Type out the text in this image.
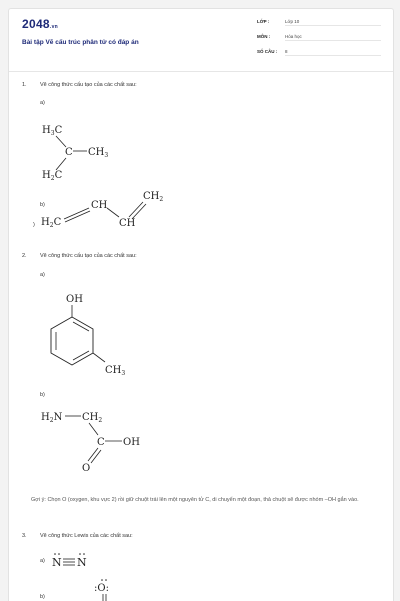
2048.vn
Bài tập Vẽ cấu trúc phân tử có đáp án
LỚP :	Lớp 10
MÔN :	Hóa học
SỐ CÂU : 8
1. Vẽ công thức cấu tạo của các chất sau:
a)
b)
)
2. Vẽ công thức cấu tạo của các chất sau:
a)
b)
Gợi ý: Chọn O (oxygen, khu vực 2) rồi giữ chuột trái lên một nguyên tử C, di chuyển một đoạn, thả chuột sẽ được nhóm –OH gắn vào.
3. Vẽ công thức Lewis của các chất sau:
a)
b)
$H_3C$
C $CH_3$
$H_2C$
$H_2C$
CH
CH
$CH_2$
OH
$CH_3$
$H_2N$ $CH_2$
C OH
O
N N
:O:
